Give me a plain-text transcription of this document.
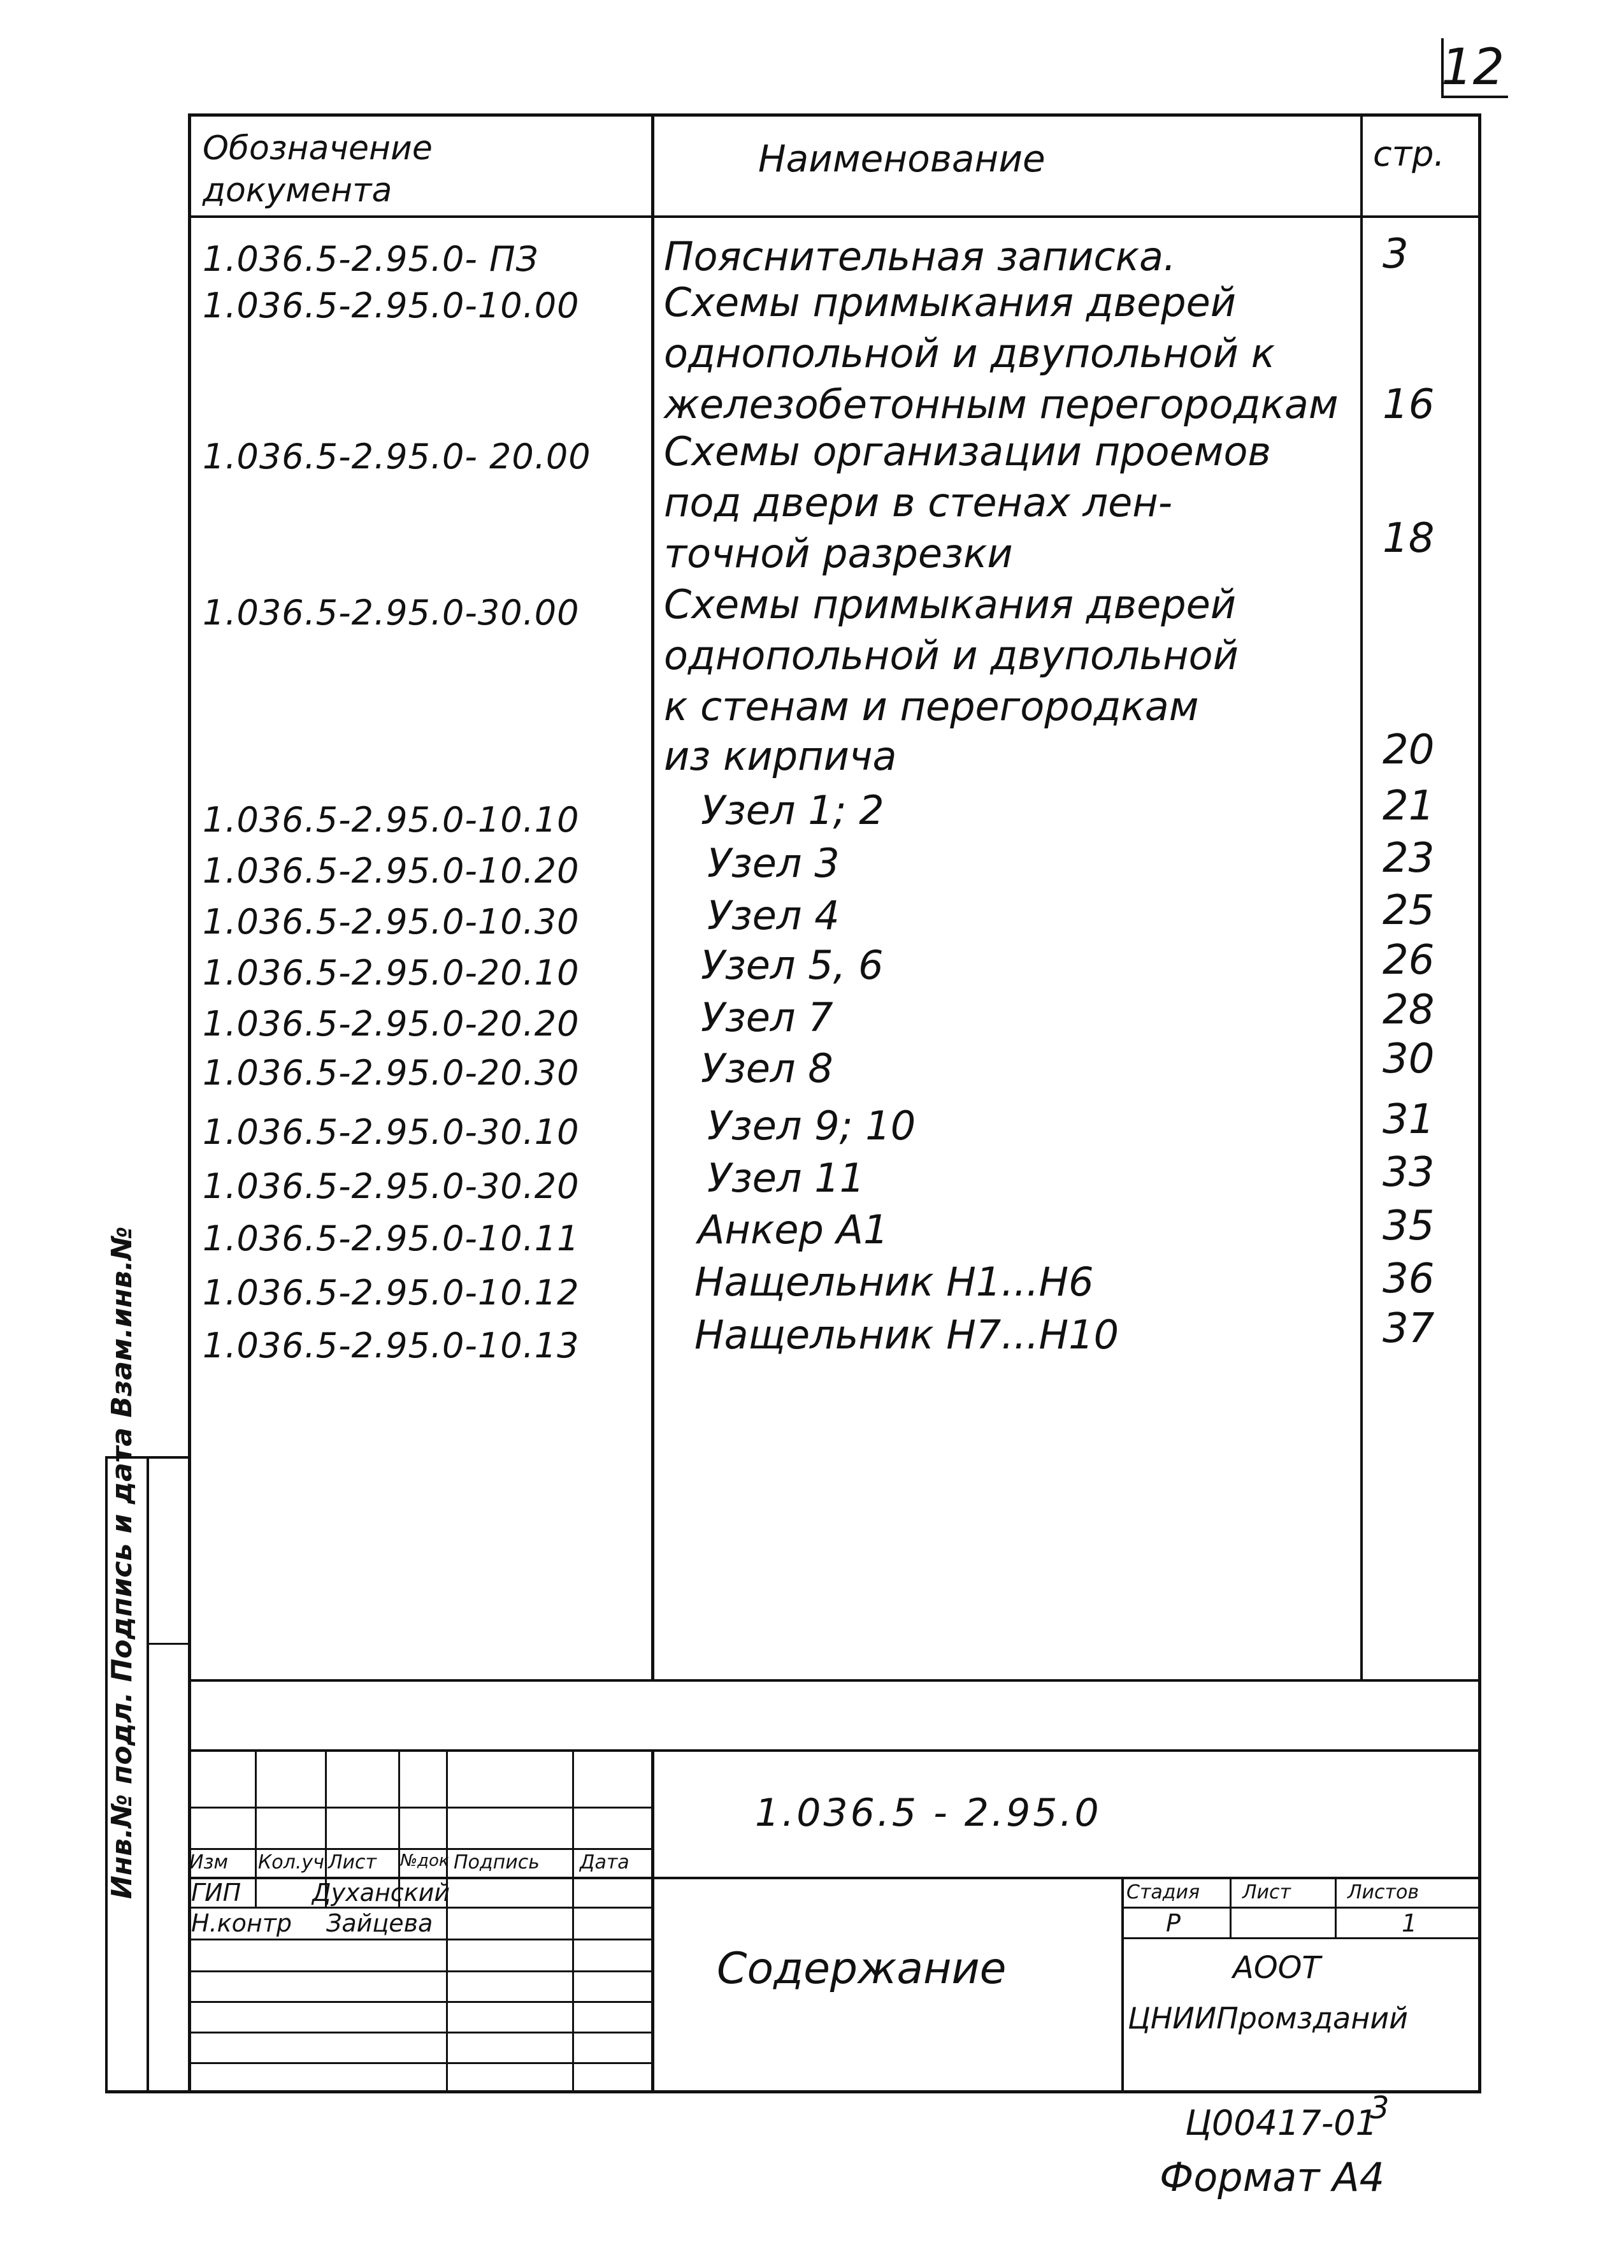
12
Обозначение документа
Наименование	стр.
1.036.5-2.95.0- ПЗ	Пояснительная записка.	3
1.036.5-2.95.0-10.00 Схемы примыкания дверей
однопольной и двупольной к
железобетонным перегородкам 16
1.036.5-2.95.0- 20.00 Схемы организации проемов
под двери в стенах лен-
точной разрезки	18
1.036.5-2.95.0-30.00 Схемы примыкания дверей
однопольной и двупольной
к стенам и перегородкам
из кирпича	20
1.036.5-2.95.0-10.10	Узел 1; 2	21
1.036.5-2.95.0-10.20	Узел 3	23
1.036.5-2.95.0-10.30	Узел 4	25
1.036.5-2.95.0-20.10	Узел 5, 6	26
1.036.5-2.95.0-20.20	Узел 7	28
1.036.5-2.95.0-20.30	Узел 8	30
1.036.5-2.95.0-30.10	Узел 9; 10	31
1.036.5-2.95.0-30.20	Узел 11	33
1.036.5-2.95.0-10.11	Анкер А1	35
1.036.5-2.95.0-10.12	Нащельник Н1...Н6	36
1.036.5-2.95.0-10.13	Нащельник Н7...Н10	37
Инв.№ подл. Подпись и дата Взам.инв.№	1.036.5 - 2.95.0
Изм Кол.уч Лист №док Подпись Дата
ГИП	Духанский
Н.контр Зайцева
Содержание
Стадия Лист	Листов
Р	1
АООТ
ЦНИИПромзданий
Ц00417-01
3
Формат А4
